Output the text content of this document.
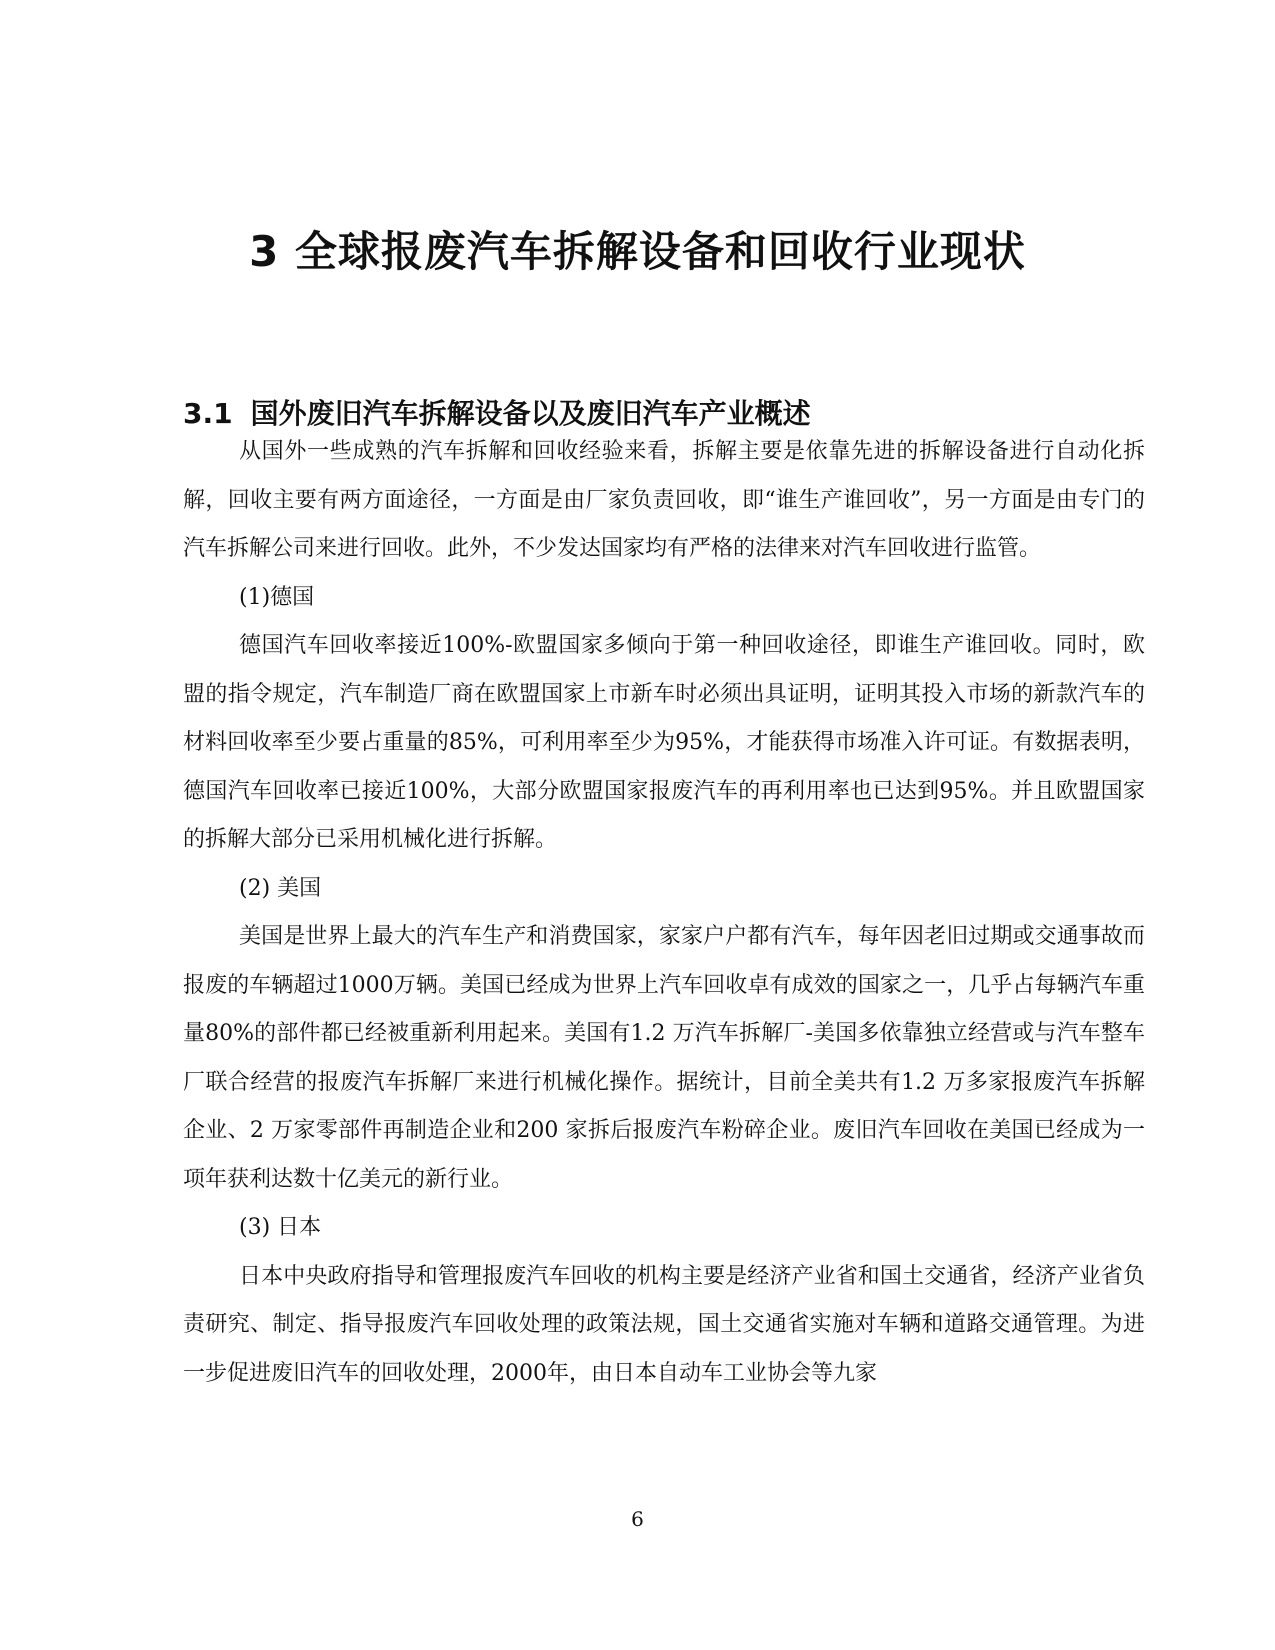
3 全球报废汽车拆解设备和回收行业现状
3.1 国外废旧汽车拆解设备以及废旧汽车产业概述

从国外一些成熟的汽车拆解和回收经验来看，拆解主要是依靠先进的拆解设备进行自动化拆解，回收主要有两方面途径，一方面是由厂家负责回收，即“谁生产谁回收”，另一方面是由专门的汽车拆解公司来进行回收。此外，不少发达国家均有严格的法律来对汽车回收进行监管。

(1)德国

德国汽车回收率接近100%-欧盟国家多倾向于第一种回收途径，即谁生产谁回收。同时，欧盟的指令规定，汽车制造厂商在欧盟国家上市新车时必须出具证明，证明其投入市场的新款汽车的材料回收率至少要占重量的85%，可利用率至少为95%，才能获得市场准入许可证。有数据表明，德国汽车回收率已接近100%，大部分欧盟国家报废汽车的再利用率也已达到95%。并且欧盟国家的拆解大部分已采用机械化进行拆解。

(2) 美国

美国是世界上最大的汽车生产和消费国家，家家户户都有汽车，每年因老旧过期或交通事故而报废的车辆超过1000万辆。美国已经成为世界上汽车回收卓有成效的国家之一，几乎占每辆汽车重量80%的部件都已经被重新利用起来。美国有1.2 万汽车拆解厂-美国多依靠独立经营或与汽车整车厂联合经营的报废汽车拆解厂来进行机械化操作。据统计，目前全美共有1.2 万多家报废汽车拆解企业、2 万家零部件再制造企业和200 家拆后报废汽车粉碎企业。废旧汽车回收在美国已经成为一项年获利达数十亿美元的新行业。

(3) 日本

日本中央政府指导和管理报废汽车回收的机构主要是经济产业省和国土交通省，经济产业省负责研究、制定、指导报废汽车回收处理的政策法规，国土交通省实施对车辆和道路交通管理。为进一步促进废旧汽车的回收处理，2000年，由日本自动车工业协会等九家

6
